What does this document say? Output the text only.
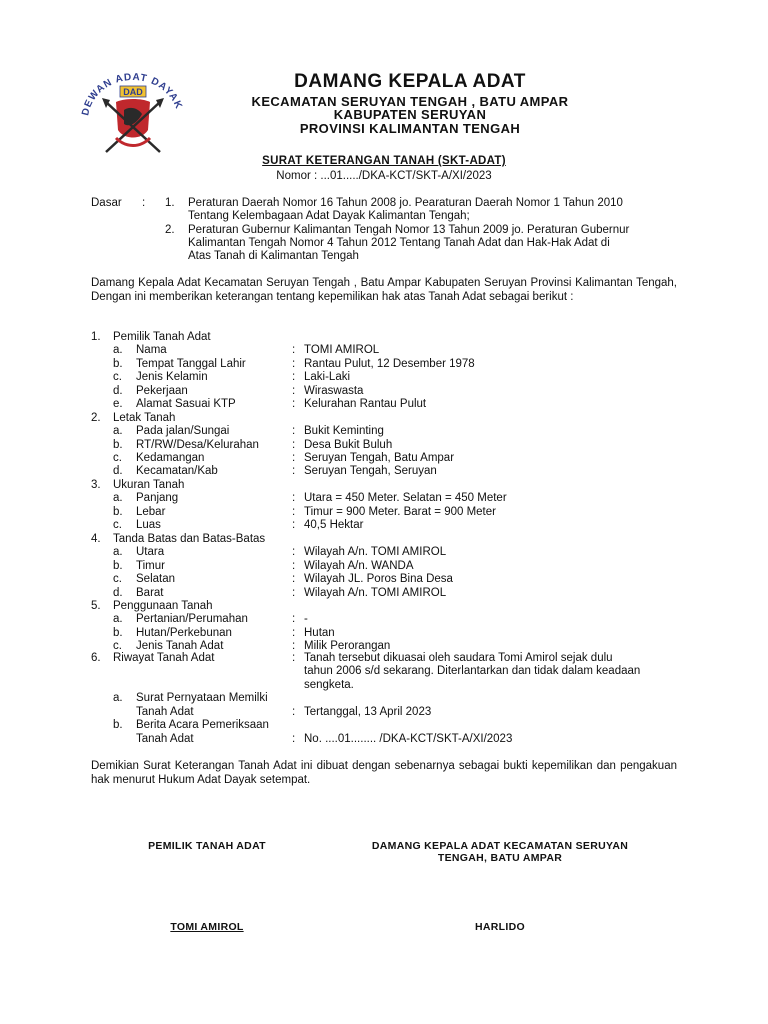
DEWAN ADAT DAYAK
DAD	DAMANG KEPALA ADAT
KECAMATAN SERUYAN TENGAH , BATU AMPAR
KABUPATEN SERUYAN
PROVINSI KALIMANTAN TENGAH
SURAT KETERANGAN TANAH (SKT-ADAT)
Nomor : ...01...../DKA-KCT/SKT-A/XI/2023
Dasar : 1. Peraturan Daerah Nomor 16 Tahun 2008 jo. Pearaturan Daerah Nomor 1 Tahun 2010
Tentang Kelembagaan Adat Dayak Kalimantan Tengah;
2. Peraturan Gubernur Kalimantan Tengah Nomor 13 Tahun 2009 jo. Peraturan Gubernur
Kalimantan Tengah Nomor 4 Tahun 2012 Tentang Tanah Adat dan Hak-Hak Adat di
Atas Tanah di Kalimantan Tengah
Damang Kepala Adat Kecamatan Seruyan Tengah , Batu Ampar Kabupaten Seruyan Provinsi Kalimantan Tengah, Dengan ini memberikan keterangan tentang kepemilikan hak atas Tanah Adat sebagai berikut :
1. Pemilik Tanah Adat
a. Nama	: TOMI AMIROL
b. Tempat Tanggal Lahir	: Rantau Pulut, 12 Desember 1978
c. Jenis Kelamin	: Laki-Laki
d. Pekerjaan	: Wiraswasta
e. Alamat Sasuai KTP	: Kelurahan Rantau Pulut
2. Letak Tanah
a. Pada jalan/Sungai	: Bukit Keminting
b. RT/RW/Desa/Kelurahan	: Desa Bukit Buluh
c. Kedamangan	: Seruyan Tengah, Batu Ampar
d. Kecamatan/Kab	: Seruyan Tengah, Seruyan
3. Ukuran Tanah
a. Panjang	: Utara = 450 Meter. Selatan = 450 Meter
b. Lebar	: Timur = 900 Meter. Barat = 900 Meter
c. Luas	: 40,5 Hektar
4. Tanda Batas dan Batas-Batas
a. Utara	: Wilayah A/n. TOMI AMIROL
b. Timur	: Wilayah A/n. WANDA
c. Selatan	: Wilayah JL. Poros Bina Desa
d. Barat	: Wilayah A/n. TOMI AMIROL
5. Penggunaan Tanah
a. Pertanian/Perumahan	: -
b. Hutan/Perkebunan	: Hutan
c. Jenis Tanah Adat	: Milik Perorangan
6. Riwayat Tanah Adat	: Tanah tersebut dikuasai oleh saudara Tomi Amirol sejak dulu
tahun 2006 s/d sekarang. Diterlantarkan dan tidak dalam keadaan
sengketa.
a. Surat Pernyataan Memilki
Tanah Adat	: Tertanggal, 13 April 2023
b. Berita Acara Pemeriksaan
Tanah Adat	: No. ....01........ /DKA-KCT/SKT-A/XI/2023
Demikian Surat Keterangan Tanah Adat ini dibuat dengan sebenarnya sebagai bukti kepemilikan dan pengakuan hak menurut Hukum Adat Dayak setempat.
PEMILIK TANAH ADAT	DAMANG KEPALA ADAT KECAMATAN SERUYAN
TENGAH, BATU AMPAR
TOMI AMIROL	HARLIDO
